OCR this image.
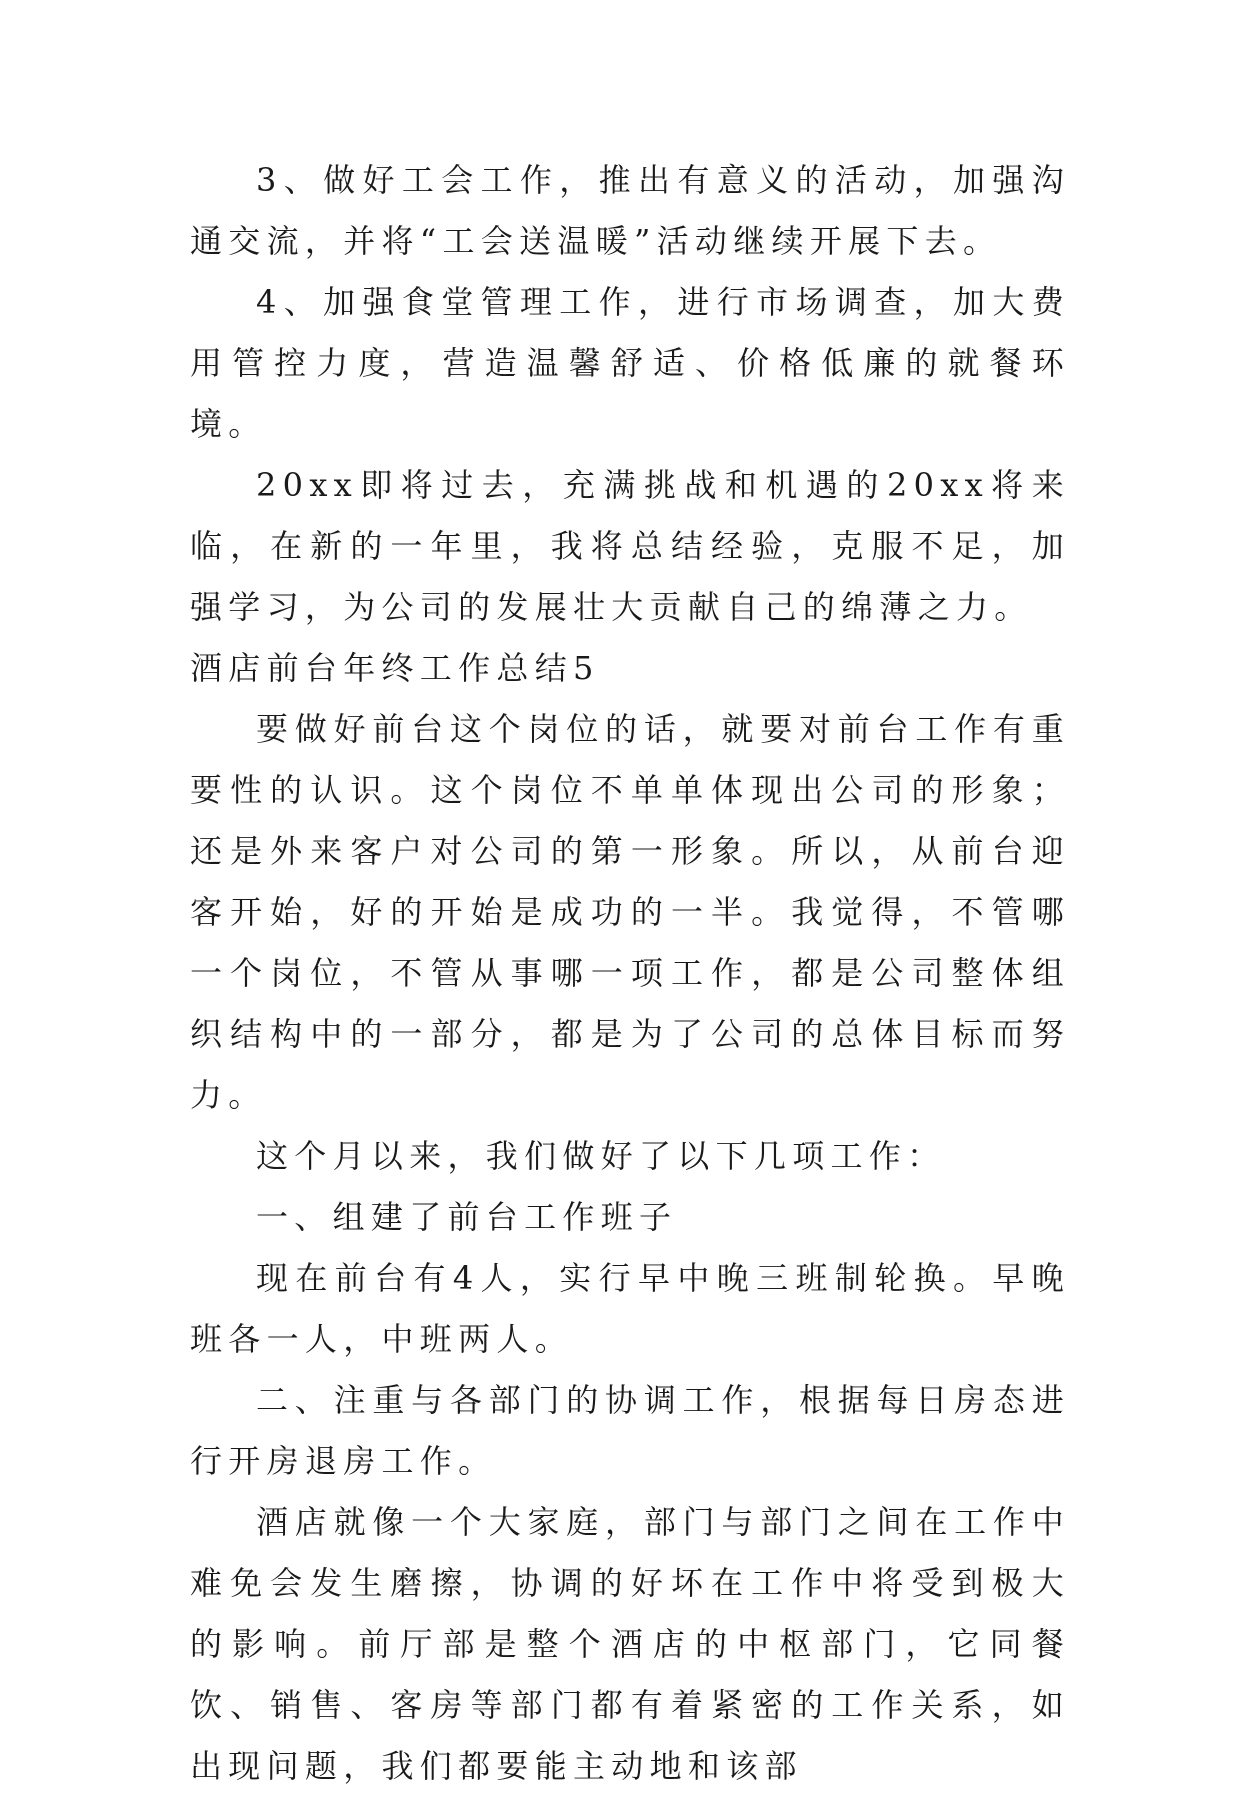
3、做好工会工作，推出有意义的活动，加强沟通交流，并将“工会送温暖”活动继续开展下去。

4、加强食堂管理工作，进行市场调查，加大费用管控力度，营造温馨舒适、价格低廉的就餐环境。

20xx即将过去，充满挑战和机遇的20xx将来临，在新的一年里，我将总结经验，克服不足，加强学习，为公司的发展壮大贡献自己的绵薄之力。

酒店前台年终工作总结5

要做好前台这个岗位的话，就要对前台工作有重要性的认识。这个岗位不单单体现出公司的形象；还是外来客户对公司的第一形象。所以，从前台迎客开始，好的开始是成功的一半。我觉得，不管哪一个岗位，不管从事哪一项工作，都是公司整体组织结构中的一部分，都是为了公司的总体目标而努力。

这个月以来，我们做好了以下几项工作：

一、组建了前台工作班子

现在前台有4人，实行早中晚三班制轮换。早晚班各一人，中班两人。

二、注重与各部门的协调工作，根据每日房态进行开房退房工作。

酒店就像一个大家庭，部门与部门之间在工作中难免会发生磨擦，协调的好坏在工作中将受到极大的影响。前厅部是整个酒店的中枢部门，它同餐饮、销售、客房等部门都有着紧密的工作关系，如出现问题，我们都要能主动地和该部
